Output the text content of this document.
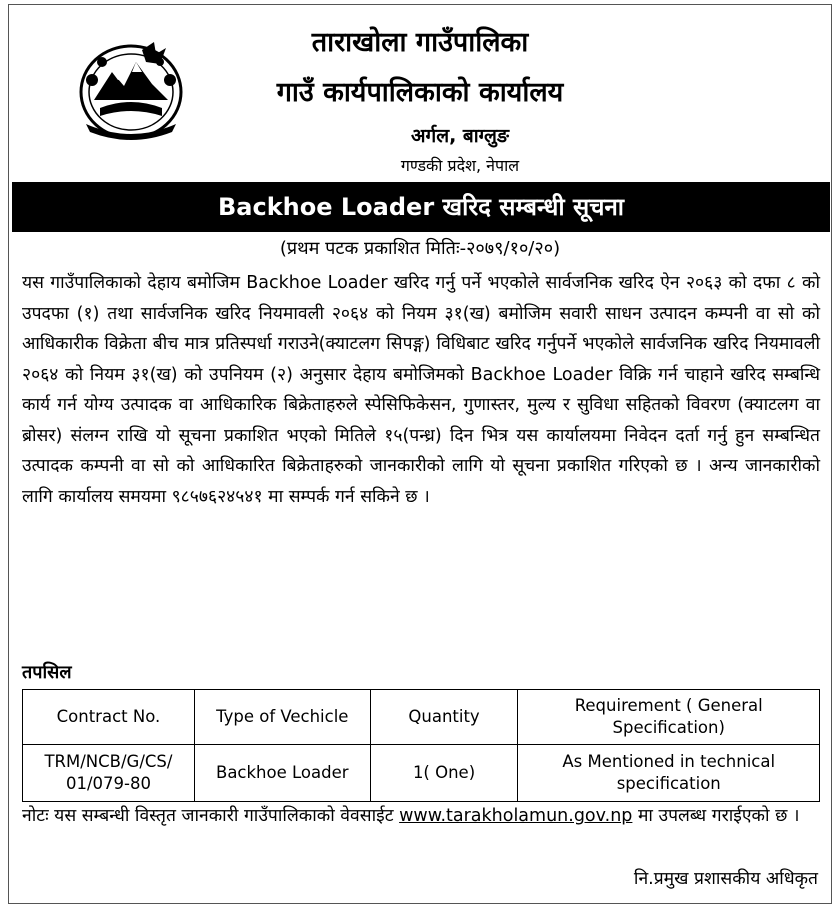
ताराखोला गाउँपालिका
गाउँ कार्यपालिकाको कार्यालय
अर्गल, बाग्लुङ
गण्डकी प्रदेश, नेपाल
Backhoe Loader खरिद सम्बन्धी सूचना
(प्रथम पटक प्रकाशित मितिः-२०७९/१०/२०)
यस गाउँपालिकाको देहाय बमोजिम Backhoe Loader खरिद गर्नु पर्ने भएकोले सार्वजनिक खरिद ऐन २०६३ को दफा ८ को उपदफा (१) तथा सार्वजनिक खरिद नियमावली २०६४ को नियम ३१(ख) बमोजिम सवारी साधन उत्पादन कम्पनी वा सो को आधिकारीक विक्रेता बीच मात्र प्रतिस्पर्धा गराउने(क्याटलग सिपङ्ग) विधिबाट खरिद गर्नुपर्ने भएकोले सार्वजनिक खरिद नियमावली २०६४ को नियम ३१(ख) को उपनियम (२) अनुसार देहाय बमोजिमको Backhoe Loader विक्रि गर्न चाहाने खरिद सम्बन्धि कार्य गर्न योग्य उत्पादक वा आधिकारिक बिक्रेताहरुले स्पेसिफिकेसन, गुणास्तर, मुल्य र सुविधा सहितको विवरण (क्याटलग वा ब्रोसर) संलग्न राखि यो सूचना प्रकाशित भएको मितिले १५(पन्ध्र) दिन भित्र यस कार्यालयमा निवेदन दर्ता गर्नु हुन सम्बन्धित उत्पादक कम्पनी वा सो को आधिकारित बिक्रेताहरुको जानकारीको लागि यो सूचना प्रकाशित गरिएको छ । अन्य जानकारीको लागि कार्यालय समयमा ९८५७६२४५४१ मा सम्पर्क गर्न सकिने छ ।
तपसिल
Contract No.	Type of Vechicle	Quantity	Requirement ( General Specification)
TRM/NCB/G/CS/ 01/079-80	Backhoe Loader	1( One)	As Mentioned in technical specification
नोटः यस सम्बन्धी विस्तृत जानकारी गाउँपालिकाको वेवसाईट www.tarakholamun.gov.np मा उपलब्ध गराईएको छ ।
नि.प्रमुख प्रशासकीय अधिकृत
